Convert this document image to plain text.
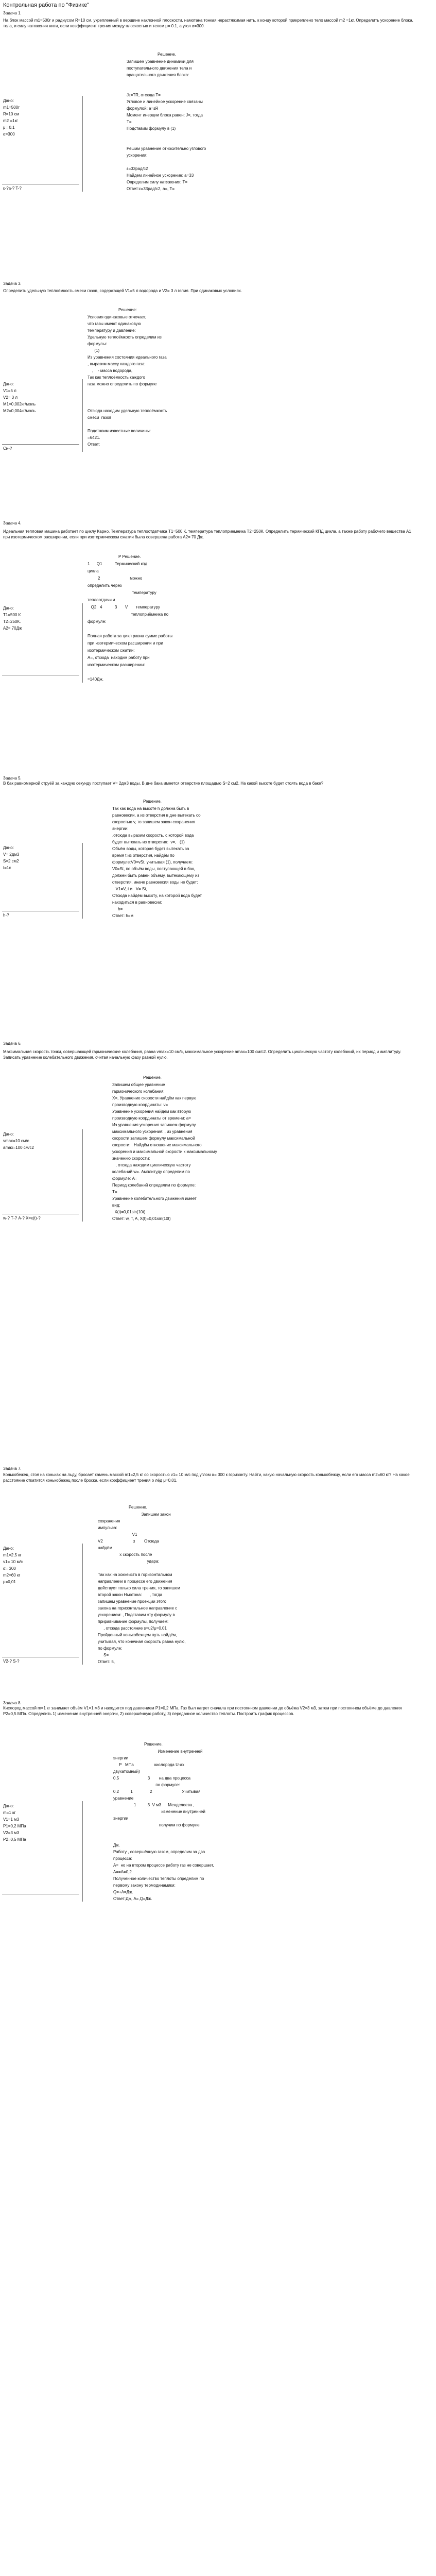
Контрольная работа по "Физике"
Задача 1.
На блок массой m1=500г и радиусом R=10 см, укрепленный в вершине наклонной плоскости, намотана тонкая нерастяжимая нить, к концу которой прикреплено тело массой m2 =1кг. Определить ускорение блока, тела, и силу натяжения нити, если коэффициент трения между плоскостью и телом μ= 0.1, а угол α=300.
Решение.
Запишем уравнение динамики для
поступательного движения тела и
вращательного движения блока:
Jε=TR, отсюда T=
Угловое и линейное ускорение связаны
формулой: a=εR
Момент инерции блока равен: J=, тогда
T=
Подставим формулу в (1)
Решим уравнение относительно углового
ускорения:
ε=33рад/с2
Найдем линейное ускорение: а=33
Определим силу натяжения: T=
Ответ:ε=33рад/с2, а=, T=
Дано:
m1=500г
R=10 см
m2 =1кг
μ= 0.1
α=300
ε-?a-? T-?
Задача 3.
Определить удельную теплоёмкость смеси газов, содержащей V1=5 л водорода и V2= 3 л гелия. При одинаковых условиях.
Решение:
Условия одинаковые отчечает,
что газы имеют одинаковую
температуру и давление:
Удельную теплоёмкость определим из
формулы:
(1)
Из уравнения состояния идеального газа
, выразим массу каждого газа:
,    - масса водорода,
Так как теплоёмкость каждого
газа можно определить по формуле
Отсюда находим удельную теплоёмкость
смеси  газов
Подставим известные величины:
=6421.
Ответ:
Дано:
V1=5 л
V2= 3 л
M1=0,002кг/моль
M2=0,004кг/моль
Cн-?
Задача 4.
Идеальная тепловая машина работает по циклу Карно. Температура теплоотдатчика Т1=500 К, температура теплоприемника Т2=250К. Определить термический КПД цикла, а также работу рабочего вещества А1 при изотермическом расширении, если при изотермическом сжатии была совершена работа А2= 70 Дж.
Р Решение.
1      Q1           Термический кпд
цикла
2                          можно
определить через
температуру
теплоотдачи и
Q2   4           3       V       температуру
теплоприёмника по
формуле:
Полная работа за цикл равна сумме работы
при изотермическом расширении и при
изотермическом сжатии:
А=, отсюда  находим работу при
изотермическом расширении:
=140Дж.
Дано:
T1=500 К
Т2=250К.
А2= 70Дж
Задача 5.
В бак равномерной струёй за каждую секунду поступает V= 2дм3 воды. В дне бака имеется отверстие площадью S=2 см2. На какой высоте будет стоять вода в баке?
Решение.
Так как вода на высоте h должна быть в
равновесии, а из отверстия в дне вытекать со
скоростью v, то запишем закон сохранения
энергии:
,отсюда выразим скорость, с которой вода
будет вытекать из отверстия:  v=,   (1)
Объём воды, которая будет вытекать за
время t из отверстия, найдём по
формуле:V0=vSt, учитывая (1), получаем:
V0=St, по объём воды, поступающей в бак,
должен быть равен объёму, вытекающему из
отверстия, иначе равновесия воды не будет:
V1=V, t и   V= St,
Отсюда найдём высоту, на которой вода будет
находиться в равновесии:
h=
Ответ: h=м
Дано:
V= 2дм3
S=2 см2
t=1с
h-?
Задача 6.
Максимальная скорость точки, совершающей гармонические колебания, равна vmax=10 см/с, максимальное ускорение amax=100 см/с2. Определить циклическую частоту колебаний, их период и амплитуду. Записать уравнение колебательного движения, считая начальную фазу равной нулю.
Решение.
Запишем общее уравнение
гармонического колебания:
Х=, Уравнение скорости найдём как первую
производную координаты: v=
Уравнение ускорения найдём как вторую
производную координаты от времени: a=
Из уравнения ускорения запишем формулу
максимального ускорения: , из уравнения
скорости запишем формулу максимальной
скорости: . Найдём отношение максимального
ускорения и максимальной скорости к максимальному
значению скорости:
, отсюда находим циклическую частоту
колебаний w=. Амплитуду определим по
формуле: А=
Период колебаний определим по формуле:
Т=
Уравнение колебательного движения имеет
вид:
X(t)=0,01sin(10t)
Ответ: w, T, A, X(t)=0,01sin(10t)
Дано:
vmax=10 см/с
amax=100 см/с2
w-? Т-? А-? X=x(t)-?
Задача 7.
Конькобежец, стоя на коньках на льду, бросает камень массой m1=2,5 кг со скоростью v1= 10 м/с под углом α= 300 к горизонту. Найти, какую начальную скорость конькобежцу, если его масса m2=60 кг? На какое расстояние откатится конькобежец после броска, если коэффициент трения о лёд μ=0,01.
Решение.
Запишем закон
сохранения
импульса:
V1
V2                          α        Отсюда
найдём
х скорость после
удара:
Так как на хоккеиста в горизонтальном
направлении в процессе его движения
действует только сила трения, то запишем
второй закон Ньютона:       , тогда
запишем уравнение проекции этого
закона на горизонтальное направление с
ускорением: , Подставим эту формулу в
приравнивание формулы, получаем:
, отсюда расстояние s=υ2/μ=0,01
Пройденный конькобежцем путь найдём,
учитывая, что конечная скорость равна нулю,
по формуле:
S=
Ответ: 5,
Дано:
m1=2,5 кг
v1= 10 м/с
α= 300
m2=60 кг
μ=0,01
V2-? S-?
Задача 8.
Кислород массой m=1 кг занимает объём V1=1 м3 и находится под давлением P1=0,2 МПа. Газ был нагрет сначала при постоянном давлении до объёма V2=3 м3, затем при постоянном объёме до давления P2=0,5 МПа. Определить 1) изменение внутренней энергии, 2) совершённую работу, 3) переданное количество теплоты. Построить график процессов.
Решение.
Изменение внутренней
энергии
P   МПа                  кислорода U-ах
двухатомный)
0,5                         3        на два процесса
по формуле:
0,2          1               2                          Учитывая
уравнение
1          3  V м3      Менделеева ,
изменение внутренней
энергии
получим по формуле:
Дж.
Работу , совершённую газом, определим за два
процесса:
А=  но на втором процессе работу газ не совершает,
А==А=0,2
Полученное количество теплоты определим по
первому закону термодинамики:
Q=+А=Дж.
Ответ:Дж, А=,Q=Дж.
Дано:
m=1 кг
V1=1 м3
P1=0,2 МПа
V2=3 м3
P2=0,5 МПа
